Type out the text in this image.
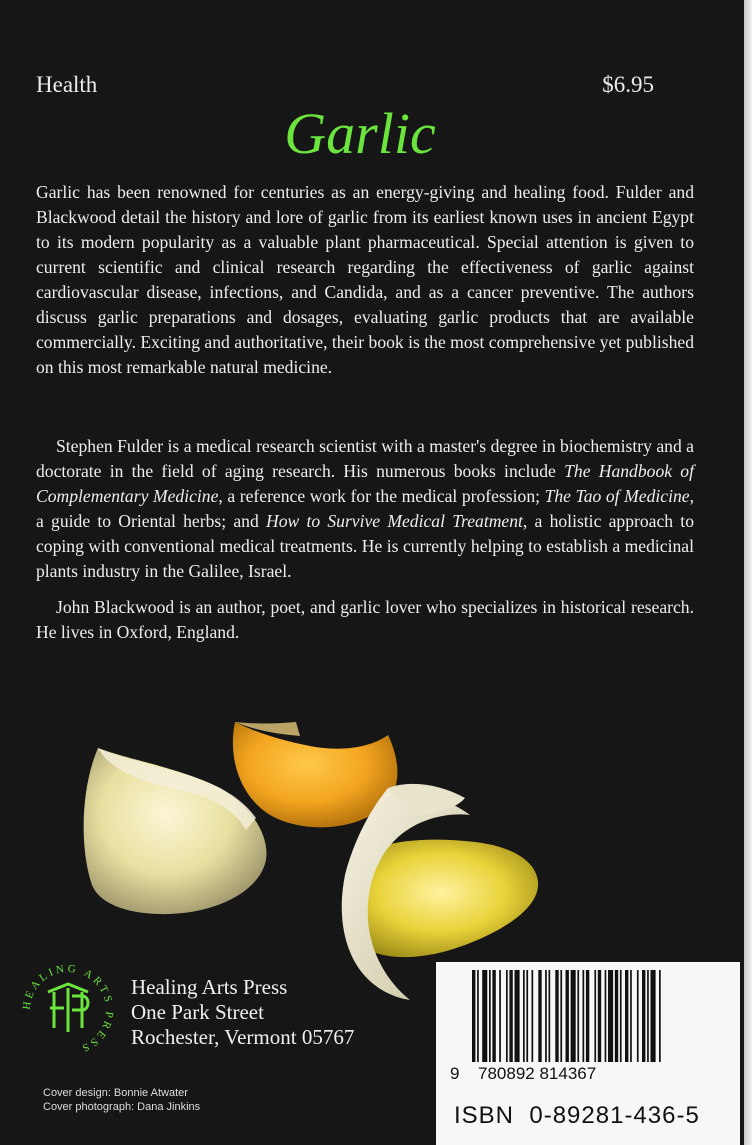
Health	$6.95
Garlic

Garlic has been renowned for centuries as an energy-giving and healing food. Fulder and Blackwood detail the history and lore of garlic from its earliest known uses in ancient Egypt to its modern popularity as a valuable plant pharmaceutical. Special attention is given to current scientific and clinical research regarding the effectiveness of garlic against cardiovascular disease, infections, and Candida, and as a cancer preventive. The authors discuss garlic preparations and dosages, evaluating garlic products that are available commercially. Exciting and authoritative, their book is the most comprehensive yet published on this most remarkable natural medicine.

Stephen Fulder is a medical research scientist with a master's degree in biochemistry and a doctorate in the field of aging research. His numerous books include The Handbook of Complementary Medicine, a reference work for the medical profession; The Tao of Medicine, a guide to Oriental herbs; and How to Survive Medical Treatment, a holistic approach to coping with conventional medical treatments. He is currently helping to establish a medicinal plants industry in the Galilee, Israel.

John Blackwood is an author, poet, and garlic lover who specializes in historical research. He lives in Oxford, England.

HEALING ARTS PRESS
Healing Arts Press
One Park Street
Rochester, Vermont 05767
Cover design: Bonnie Atwater
Cover photograph: Dana Jinkins
9 780892 814367
ISBN 0-89281-436-5
